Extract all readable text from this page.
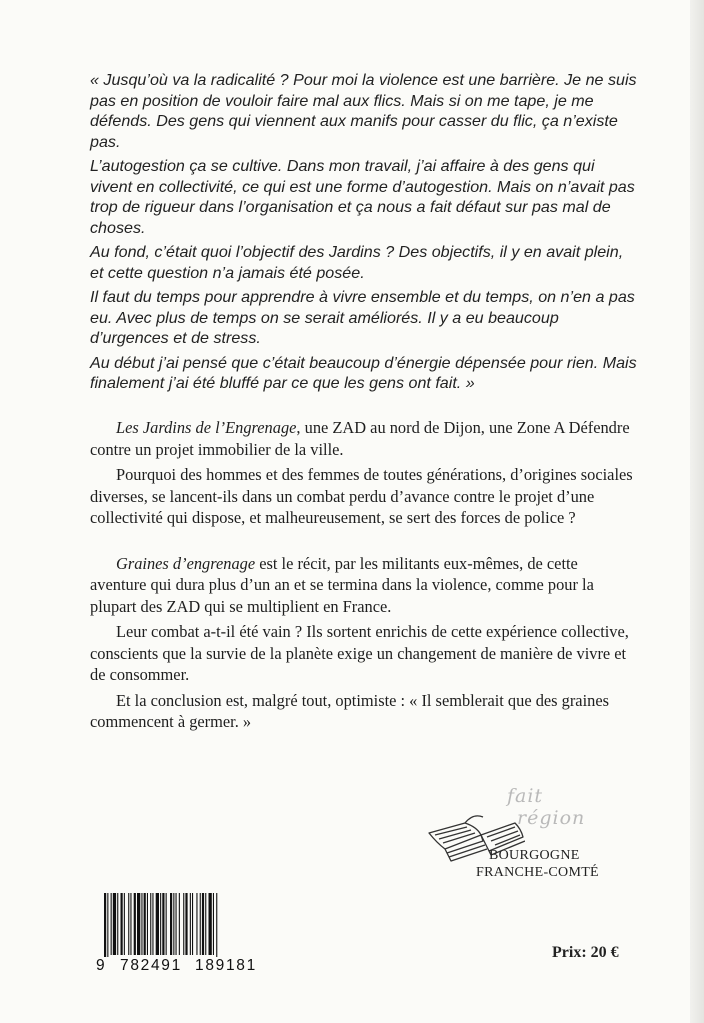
« Jusqu’où va la radicalité ? Pour moi la violence est une barrière. Je ne suis pas en position de vouloir faire mal aux flics. Mais si on me tape, je me défends. Des gens qui viennent aux manifs pour casser du flic, ça n’existe pas.

L’autogestion ça se cultive. Dans mon travail, j’ai affaire à des gens qui vivent en collectivité, ce qui est une forme d’autogestion. Mais on n’avait pas trop de rigueur dans l’organisation et ça nous a fait défaut sur pas mal de choses.

Au fond, c’était quoi l’objectif des Jardins ? Des objectifs, il y en avait plein, et cette question n’a jamais été posée.

Il faut du temps pour apprendre à vivre ensemble et du temps, on n’en a pas eu. Avec plus de temps on se serait améliorés. Il y a eu beaucoup d’urgences et de stress.

Au début j’ai pensé que c’était beaucoup d’énergie dépensée pour rien. Mais finalement j’ai été bluffé par ce que les gens ont fait. »

Les Jardins de l’Engrenage, une ZAD au nord de Dijon, une Zone A Défendre contre un projet immobilier de la ville.

Pourquoi des hommes et des femmes de toutes générations, d’origines sociales diverses, se lancent-ils dans un combat perdu d’avance contre le projet d’une collectivité qui dispose, et malheureusement, se sert des forces de police ?

Graines d’engrenage est le récit, par les militants eux-mêmes, de cette aventure qui dura plus d’un an et se termina dans la violence, comme pour la plupart des ZAD qui se multiplient en France.

Leur combat a-t-il été vain ? Ils sortent enrichis de cette expérience collective, conscients que la survie de la planète exige un changement de manière de vivre et de consommer.

Et la conclusion est, malgré tout, optimiste : « Il semblerait que des graines commencent à germer. »

fait
région
BOURGOGNE
FRANCHE-COMTÉ
9 782491 189181
Prix: 20 €
